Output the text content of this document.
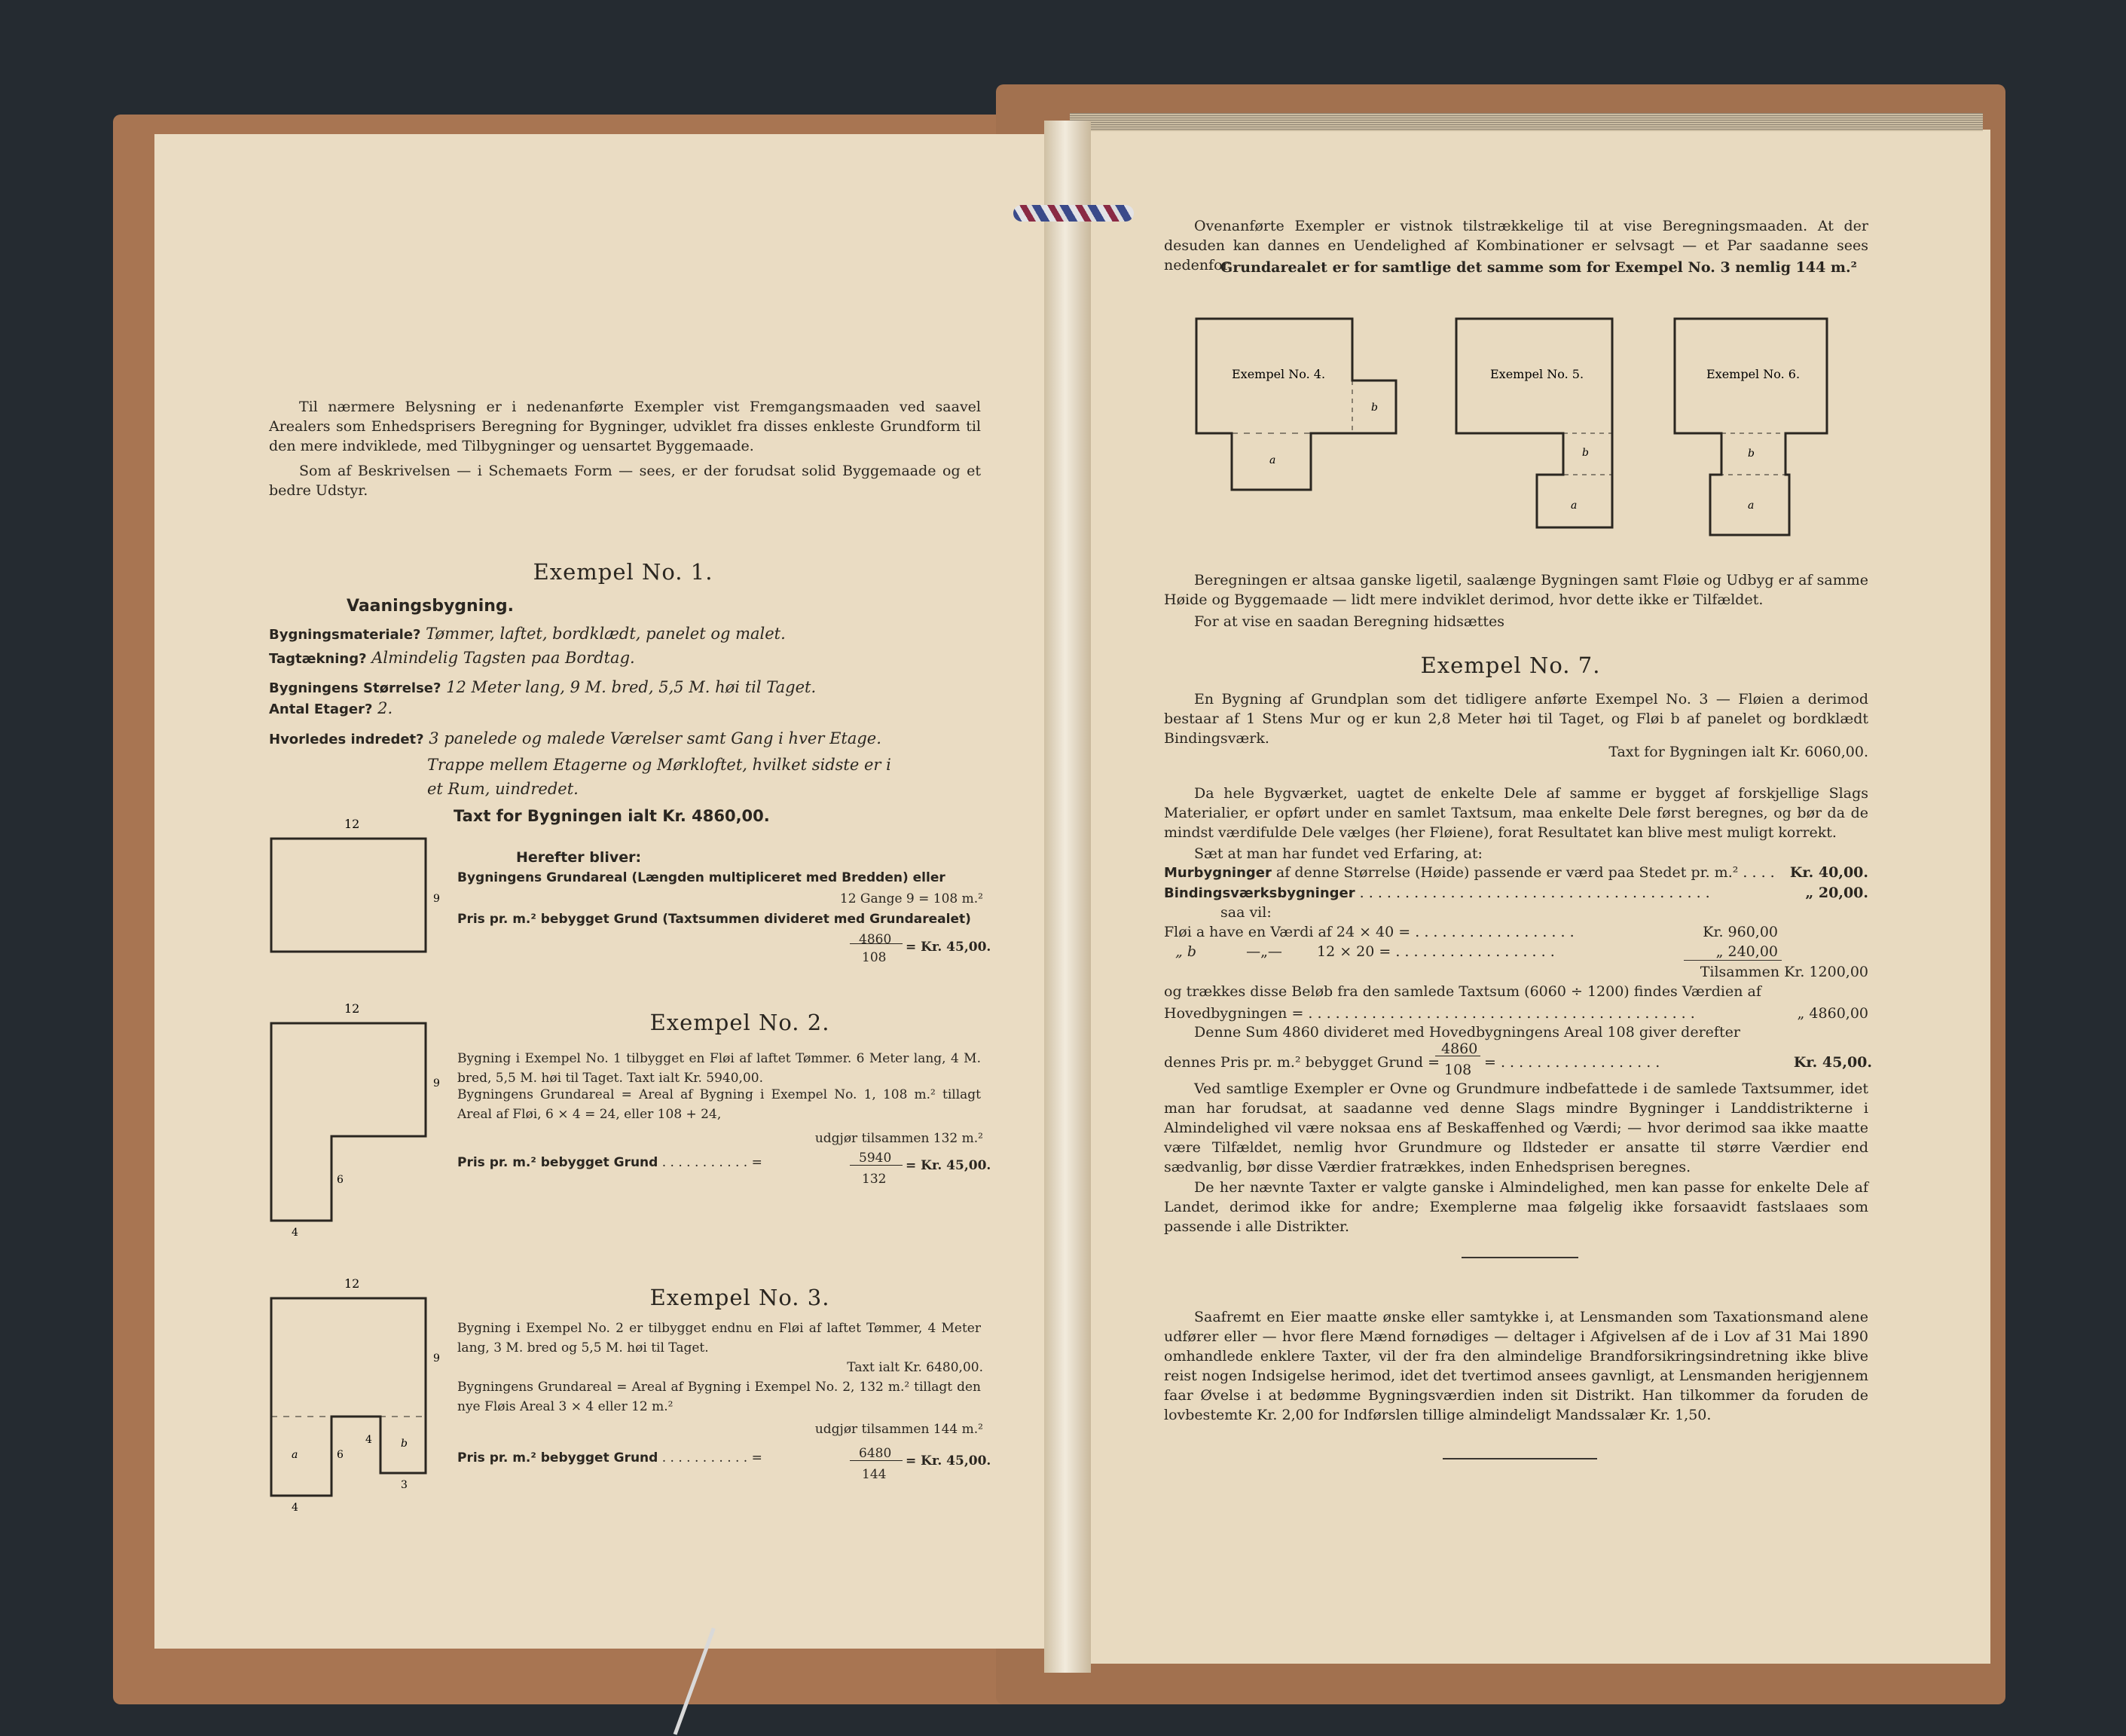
Til nærmere Belysning er i nedenanførte Exempler vist Fremgangsmaaden ved saavel Arealers som Enhedsprisers Beregning for Bygninger, udviklet fra disses enkleste Grundform til den mere indviklede, med Tilbygninger og uensartet Byggemaade.

Som af Beskrivelsen — i Schemaets Form — sees, er der forudsat solid Byggemaade og et bedre Udstyr.

Exempel No. 1.

Vaaningsbygning.

Bygningsmateriale? Tømmer, laftet, bordklædt, panelet og malet.

Tagtækning? Almindelig Tagsten paa Bordtag.

Bygningens Størrelse? 12 Meter lang, 9 M. bred, 5,5 M. høi til Taget.

Antal Etager? 2.

Hvorledes indredet? 3 panelede og malede Værelser samt Gang i hver Etage.

Trappe mellem Etagerne og Mørkloftet, hvilket sidste er i

et Rum, uindredet.

Taxt for Bygningen ialt Kr. 4860,00.

12
9

Herefter bliver:

Bygningens Grundareal (Længden multipliceret med Bredden) eller

12 Gange 9 = 108 m.²

Pris pr. m.² bebygget Grund (Taxtsummen divideret med Grundarealet)

4860
108
= Kr. 45,00.

Exempel No. 2.

12
9
6
4

Bygning i Exempel No. 1 tilbygget en Fløi af laftet Tømmer. 6 Meter lang, 4 M. bred, 5,5 M. høi til Taget. Taxt ialt Kr. 5940,00.

Bygningens Grundareal = Areal af Bygning i Exempel No. 1, 108 m.² tillagt Areal af Fløi, 6 × 4 = 24, eller 108 + 24,

udgjør tilsammen 132 m.²

Pris pr. m.² bebygget Grund . . . . . . . . . . . =	5940
132
= Kr. 45,00.

Exempel No. 3.

12
a	6
4	b
9
4
3

Bygning i Exempel No. 2 er tilbygget endnu en Fløi af laftet Tømmer, 4 Meter lang, 3 M. bred og 5,5 M. høi til Taget.

Taxt ialt Kr. 6480,00.

Bygningens Grundareal = Areal af Bygning i Exempel No. 2, 132 m.² tillagt den nye Fløis Areal 3 × 4 eller 12 m.²

udgjør tilsammen 144 m.²

Pris pr. m.² bebygget Grund . . . . . . . . . . . =	6480
144
= Kr. 45,00.

Ovenanførte Exempler er vistnok tilstrækkelige til at vise Beregningsmaaden. At der desuden kan dannes en Uendelighed af Kombinationer er selvsagt — et Par saadanne sees nedenfor.

Grundarealet er for samtlige det samme som for Exempel No. 3 nemlig 144 m.²

Exempel No. 4.
a
b
Exempel No. 5.
a
b
Exempel No. 6.
a
b

Beregningen er altsaa ganske ligetil, saalænge Bygningen samt Fløie og Udbyg er af samme Høide og Byggemaade — lidt mere indviklet derimod, hvor dette ikke er Tilfældet.

For at vise en saadan Beregning hidsættes

Exempel No. 7.

En Bygning af Grundplan som det tidligere anførte Exempel No. 3 — Fløien a derimod bestaar af 1 Stens Mur og er kun 2,8 Meter høi til Taget, og Fløi b af panelet og bordklædt Bindingsværk.

Taxt for Bygningen ialt Kr. 6060,00.

Da hele Bygværket, uagtet de enkelte Dele af samme er bygget af forskjellige Slags Materialier, er opført under en samlet Taxtsum, maa enkelte Dele først beregnes, og bør da de mindst værdifulde Dele vælges (her Fløiene), forat Resultatet kan blive mest muligt korrekt.

Sæt at man har fundet ved Erfaring, at:

Murbygninger af denne Størrelse (Høide) passende er værd paa Stedet pr. m.² . . . .	Kr. 40,00.

Bindingsværksbygninger . . . . . . . . . . . . . . . . . . . . . . . . . . . . . . . . . . . . . . .	„ 20,00.

saa vil:

Fløi a have en Værdi af 24 × 40 = . . . . . . . . . . . . . . . . . .	Kr. 960,00

„ b	—„— 12 × 20 = . . . . . . . . . . . . . . . . . .	„ 240,00

Tilsammen Kr. 1200,00

og trækkes disse Beløb fra den samlede Taxtsum (6060 ÷ 1200) findes Værdien af

Hovedbygningen = . . . . . . . . . . . . . . . . . . . . . . . . . . . . . . . . . . . . . . . . . . .	„ 4860,00

Denne Sum 4860 divideret med Hovedbygningens Areal 108 giver derefter

dennes Pris pr. m.² bebygget Grund =
4860
108 = . . . . . . . . . . . . . . . . . .	Kr. 45,00.

Ved samtlige Exempler er Ovne og Grundmure indbefattede i de samlede Taxtsummer, idet man har forudsat, at saadanne ved denne Slags mindre Bygninger i Landdistrikterne i Almindelighed vil være noksaa ens af Beskaffenhed og Værdi; — hvor derimod saa ikke maatte være Tilfældet, nemlig hvor Grundmure og Ildsteder er ansatte til større Værdier end sædvanlig, bør disse Værdier fratrækkes, inden Enhedsprisen beregnes.

De her nævnte Taxter er valgte ganske i Almindelighed, men kan passe for enkelte Dele af Landet, derimod ikke for andre; Exemplerne maa følgelig ikke forsaavidt fastslaaes som passende i alle Distrikter.

Saafremt en Eier maatte ønske eller samtykke i, at Lensmanden som Taxationsmand alene udfører eller — hvor flere Mænd fornødiges — deltager i Afgivelsen af de i Lov af 31 Mai 1890 omhandlede enklere Taxter, vil der fra den almindelige Brandforsikringsindretning ikke blive reist nogen Indsigelse herimod, idet det tvertimod ansees gavnligt, at Lensmanden herigjennem faar Øvelse i at bedømme Bygningsværdien inden sit Distrikt. Han tilkommer da foruden de lovbestemte Kr. 2,00 for Indførslen tillige almindeligt Mandssalær Kr. 1,50.
